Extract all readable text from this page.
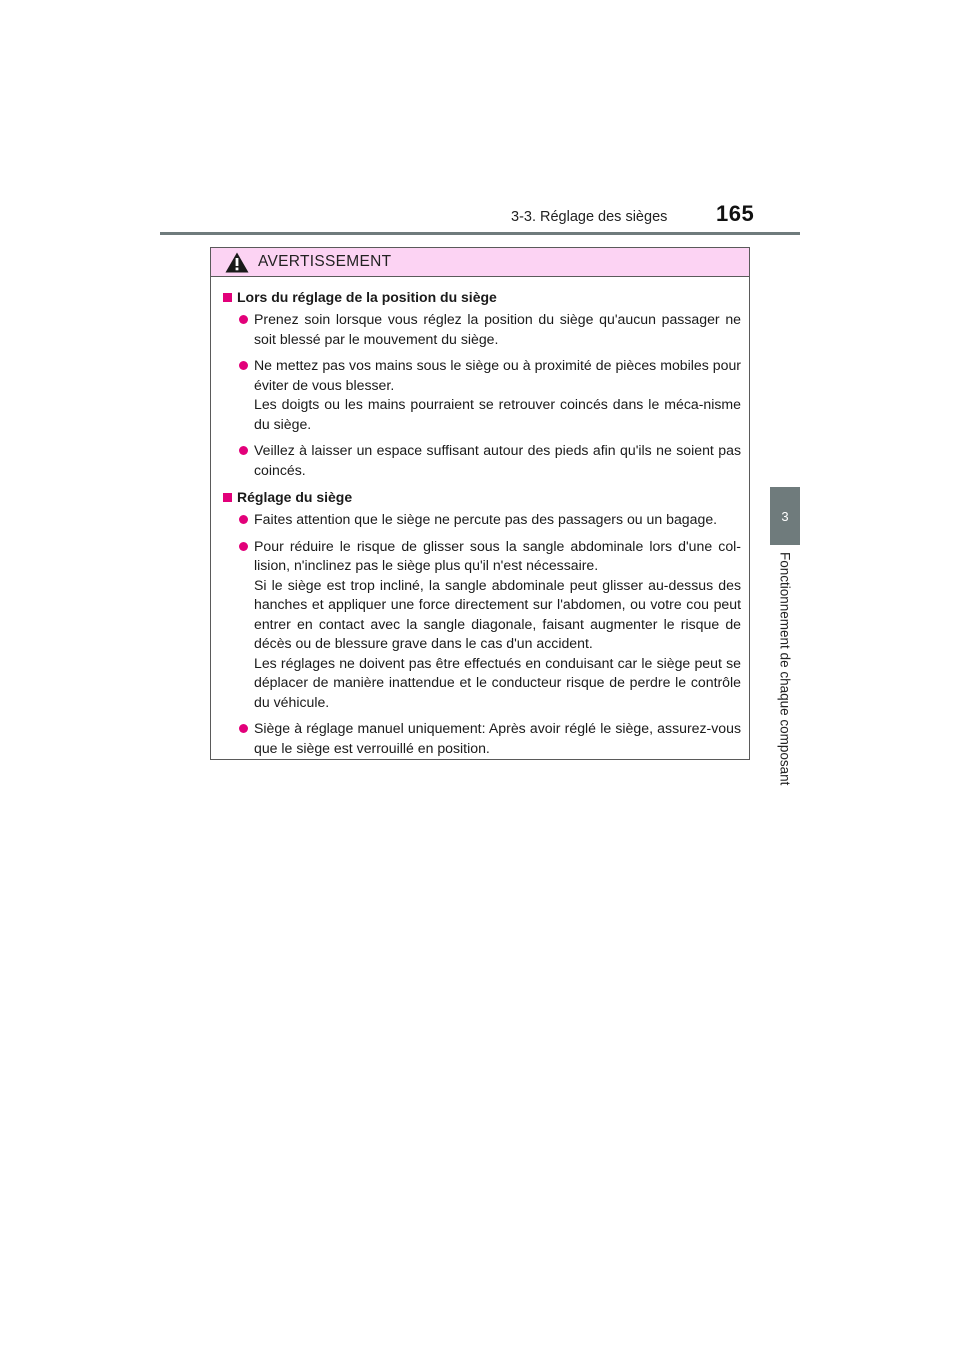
3-3. Réglage des sièges 165
3
Fonctionnement de chaque composant
AVERTISSEMENT
Lors du réglage de la position du siège

Prenez soin lorsque vous réglez la position du siège qu'aucun passager ne soit blessé par le mouvement du siège.

Ne mettez pas vos mains sous le siège ou à proximité de pièces mobiles pour éviter de vous blesser.

Les doigts ou les mains pourraient se retrouver coincés dans le méca-nisme du siège.

Veillez à laisser un espace suffisant autour des pieds afin qu'ils ne soient pas coincés.

Réglage du siège

Faites attention que le siège ne percute pas des passagers ou un bagage.

Pour réduire le risque de glisser sous la sangle abdominale lors d'une col-lision, n'inclinez pas le siège plus qu'il n'est nécessaire.

Si le siège est trop incliné, la sangle abdominale peut glisser au-dessus des hanches et appliquer une force directement sur l'abdomen, ou votre cou peut entrer en contact avec la sangle diagonale, faisant augmenter le risque de décès ou de blessure grave dans le cas d'un accident.

Les réglages ne doivent pas être effectués en conduisant car le siège peut se déplacer de manière inattendue et le conducteur risque de perdre le contrôle du véhicule.

Siège à réglage manuel uniquement: Après avoir réglé le siège, assurez-vous que le siège est verrouillé en position.
